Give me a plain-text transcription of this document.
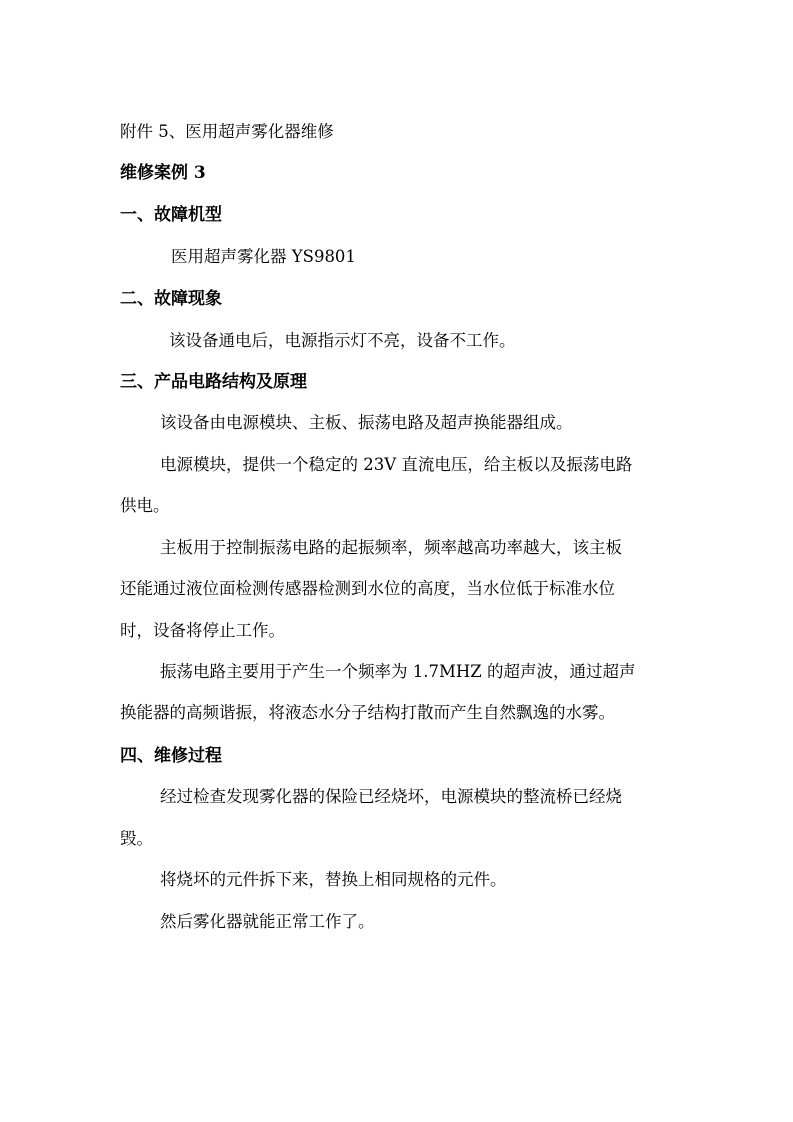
附件 5、医用超声雾化器维修

维修案例 3

一、故障机型

医用超声雾化器 YS9801

二、故障现象

该设备通电后，电源指示灯不亮，设备不工作。

三、产品电路结构及原理

该设备由电源模块、主板、振荡电路及超声换能器组成。

电源模块，提供一个稳定的 23V 直流电压，给主板以及振荡电路

供电。

主板用于控制振荡电路的起振频率，频率越高功率越大，该主板

还能通过液位面检测传感器检测到水位的高度，当水位低于标准水位

时，设备将停止工作。

振荡电路主要用于产生一个频率为 1.7MHZ 的超声波，通过超声

换能器的高频谐振，将液态水分子结构打散而产生自然飘逸的水雾。

四、维修过程

经过检查发现雾化器的保险已经烧坏，电源模块的整流桥已经烧

毁。

将烧坏的元件拆下来，替换上相同规格的元件。

然后雾化器就能正常工作了。
